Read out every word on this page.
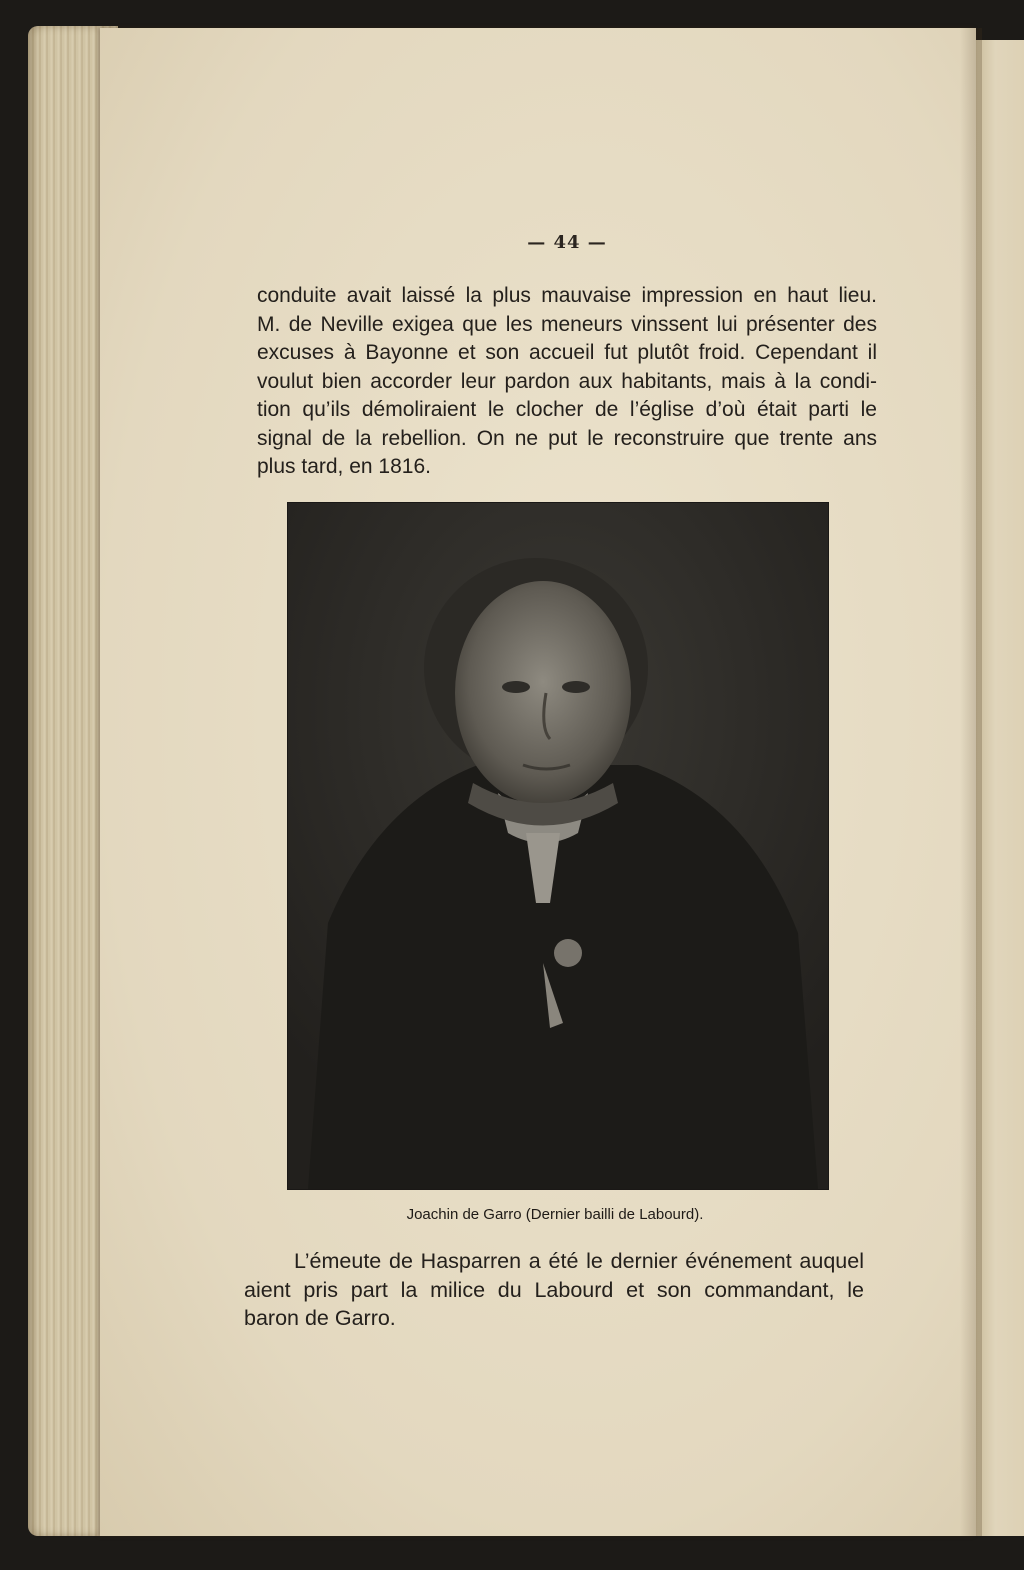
— 44 —
conduite avait laissé la plus mauvaise impression en haut lieu.
M. de Neville exigea que les meneurs vinssent lui présenter des
excuses à Bayonne et son accueil fut plutôt froid. Cependant il
voulut bien accorder leur pardon aux habitants, mais à la condi-
tion qu’ils démoliraient le clocher de l’église d’où était parti le
signal de la rebellion. On ne put le reconstruire que trente ans
plus tard, en 1816.
Joachin de Garro (Dernier bailli de Labourd).
L’émeute de Hasparren a été le dernier événement auquel
aient pris part la milice du Labourd et son commandant, le
baron de Garro.
